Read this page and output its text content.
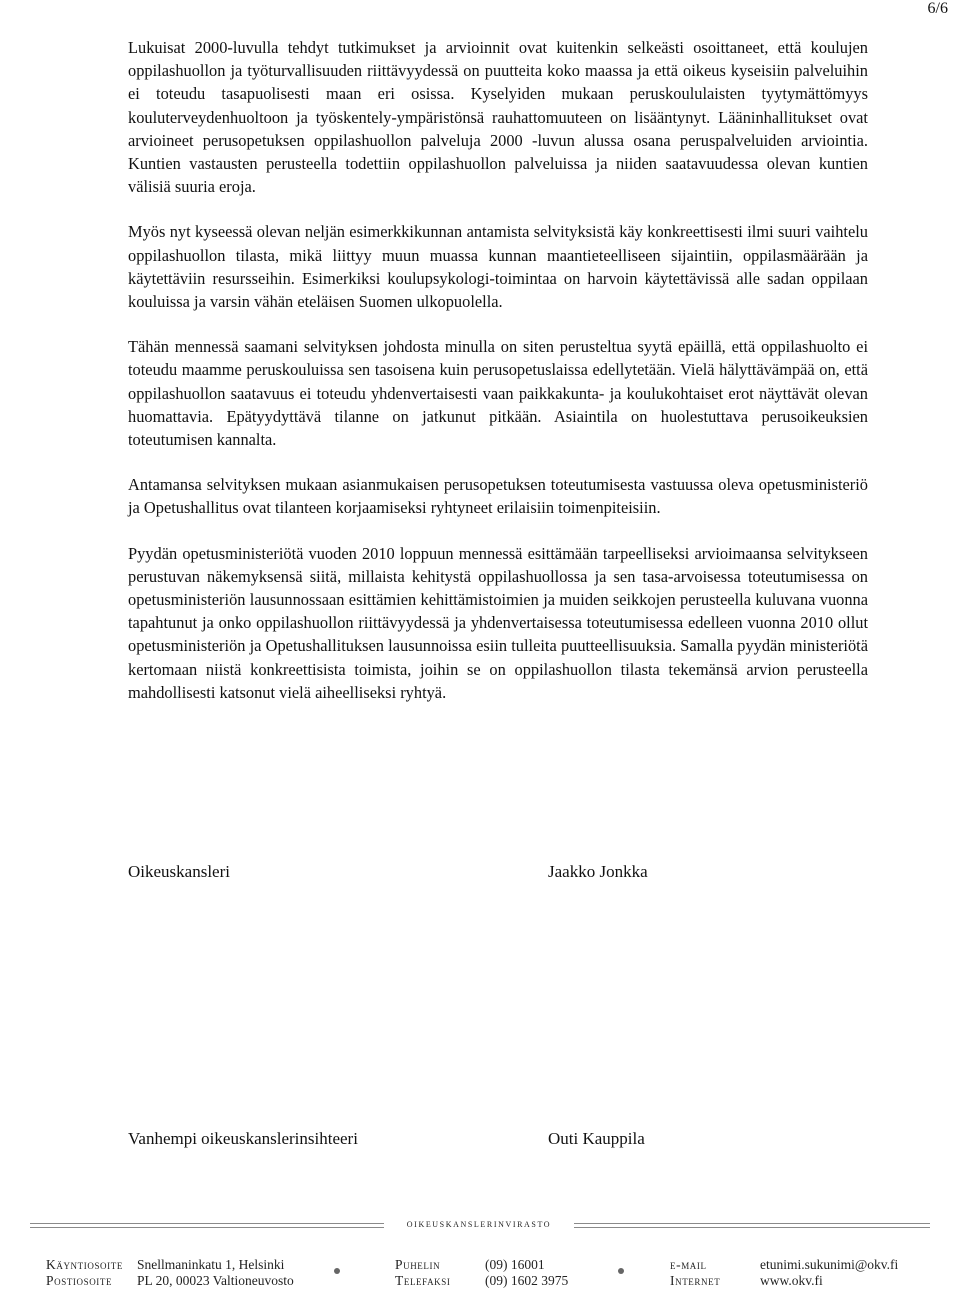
6/6

Lukuisat 2000-luvulla tehdyt tutkimukset ja arvioinnit ovat kuitenkin selkeästi osoittaneet, että koulujen oppilashuollon ja työturvallisuuden riittävyydessä on puutteita koko maassa ja että oikeus kyseisiin palveluihin ei toteudu tasapuolisesti maan eri osissa. Kyselyiden mukaan peruskoululaisten tyytymättömyys kouluterveydenhuoltoon ja työskentely-ympäristönsä rauhattomuuteen on lisääntynyt. Lääninhallitukset ovat arvioineet perusopetuksen oppilashuollon palveluja 2000 -luvun alussa osana peruspalveluiden arviointia. Kuntien vastausten perusteella todettiin oppilashuollon palveluissa ja niiden saatavuudessa olevan kuntien välisiä suuria eroja.

Myös nyt kyseessä olevan neljän esimerkkikunnan antamista selvityksistä käy konkreettisesti ilmi suuri vaihtelu oppilashuollon tilasta, mikä liittyy muun muassa kunnan maantieteelliseen sijaintiin, oppilasmäärään ja käytettäviin resursseihin. Esimerkiksi koulupsykologi-toimintaa on harvoin käytettävissä alle sadan oppilaan kouluissa ja varsin vähän eteläisen Suomen ulkopuolella.

Tähän mennessä saamani selvityksen johdosta minulla on siten perusteltua syytä epäillä, että oppilashuolto ei toteudu maamme peruskouluissa sen tasoisena kuin perusopetuslaissa edellytetään. Vielä hälyttävämpää on, että oppilashuollon saatavuus ei toteudu yhdenvertaisesti vaan paikkakunta- ja koulukohtaiset erot näyttävät olevan huomattavia. Epätyydyttävä tilanne on jatkunut pitkään. Asiaintila on huolestuttava perusoikeuksien toteutumisen kannalta.

Antamansa selvityksen mukaan asianmukaisen perusopetuksen toteutumisesta vastuussa oleva opetusministeriö ja Opetushallitus ovat tilanteen korjaamiseksi ryhtyneet erilaisiin toimenpiteisiin.

Pyydän opetusministeriötä vuoden 2010 loppuun mennessä esittämään tarpeelliseksi arvioimaansa selvitykseen perustuvan näkemyksensä siitä, millaista kehitystä oppilashuollossa ja sen tasa-arvoisessa toteutumisessa on opetusministeriön lausunnossaan esittämien kehittämistoimien ja muiden seikkojen perusteella kuluvana vuonna tapahtunut ja onko oppilashuollon riittävyydessä ja yhdenvertaisessa toteutumisessa edelleen vuonna 2010 ollut opetusministeriön ja Opetushallituksen lausunnoissa esiin tulleita puutteellisuuksia. Samalla pyydän ministeriötä kertomaan niistä konkreettisista toimista, joihin se on oppilashuollon tilasta tekemänsä arvion perusteella mahdollisesti katsonut vielä aiheelliseksi ryhtyä.

Oikeuskansleri	Jaakko Jonkka
Vanhempi oikeuskanslerinsihteeri	Outi Kauppila
oikeuskanslerinvirasto
Käyntiosoite Snellmaninkatu 1, Helsinki
Postiosoite PL 20, 00023 Valtioneuvosto
Puhelin	(09) 16001
Telefaksi	(09) 1602 3975
e-mail	etunimi.sukunimi@okv.fi
Internet	www.okv.fi
